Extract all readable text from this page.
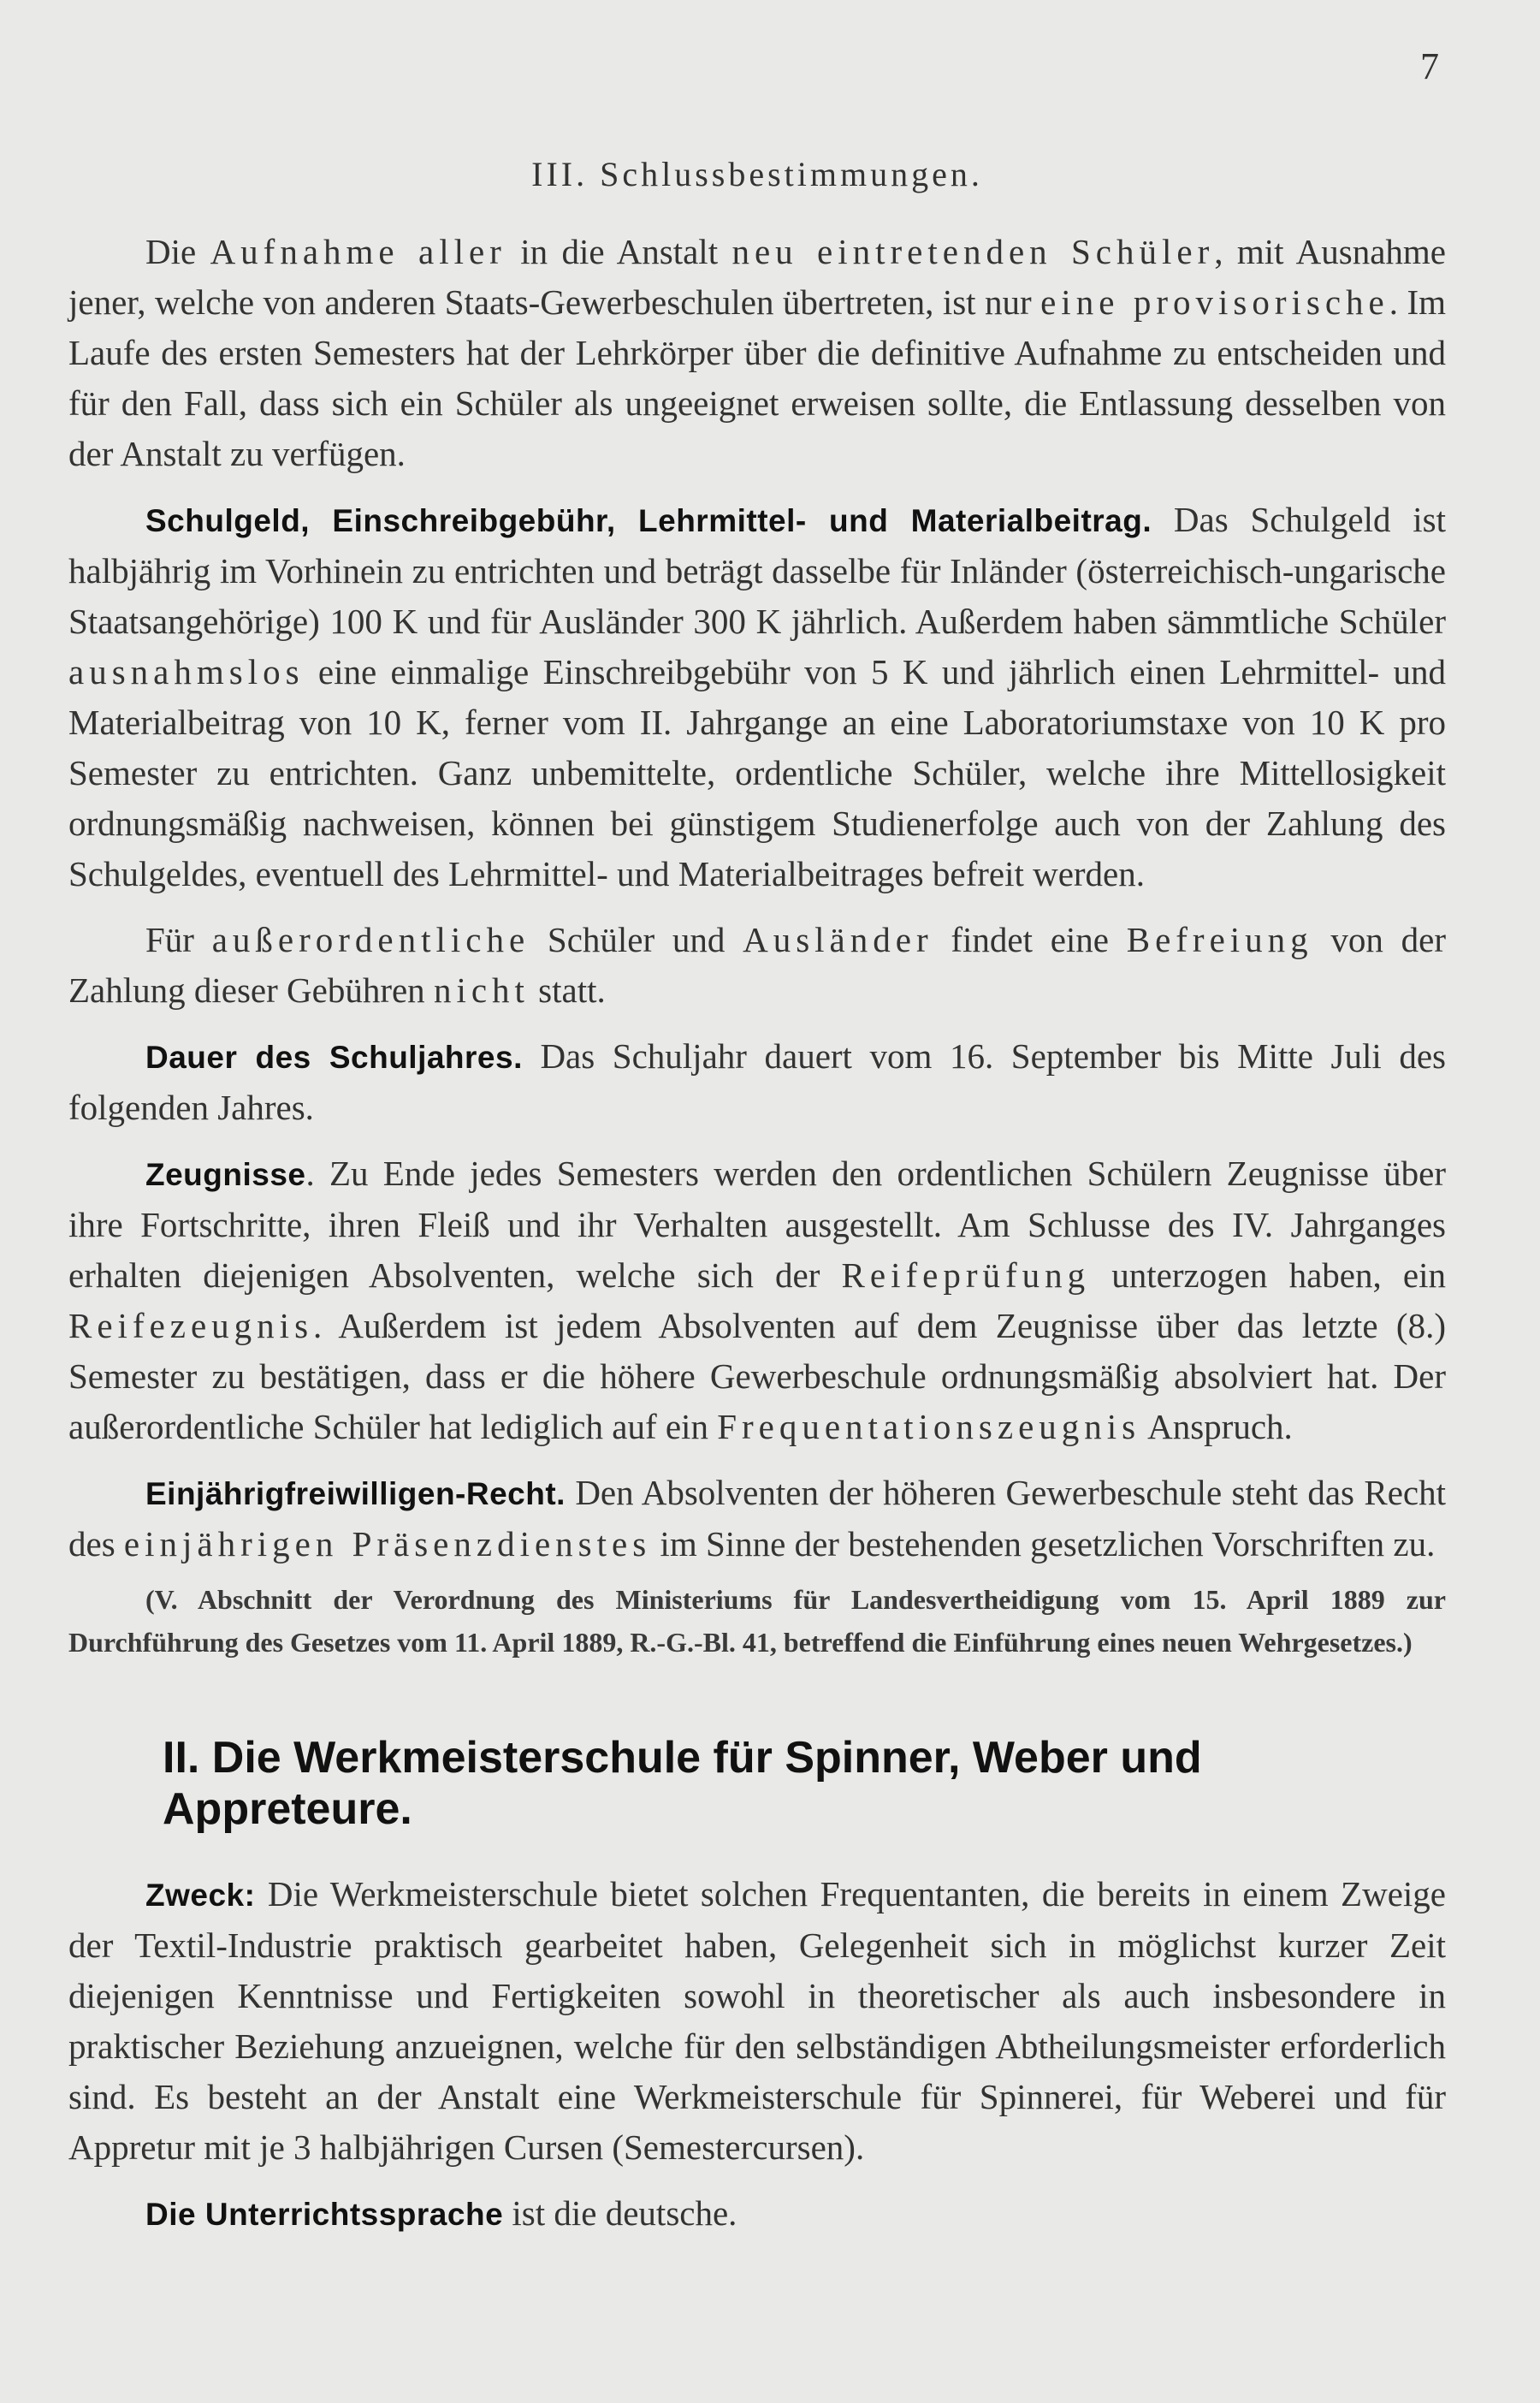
7
III. Schlussbestimmungen.

Die Aufnahme aller in die Anstalt neu eintretenden Schüler, mit Ausnahme jener, welche von anderen Staats-Gewerbeschulen übertreten, ist nur eine provisorische. Im Laufe des ersten Semesters hat der Lehrkörper über die definitive Aufnahme zu entscheiden und für den Fall, dass sich ein Schüler als ungeeignet erweisen sollte, die Entlassung desselben von der Anstalt zu verfügen.

Schulgeld, Einschreibgebühr, Lehrmittel- und Materialbeitrag. Das Schulgeld ist halbjährig im Vorhinein zu entrichten und beträgt dasselbe für Inländer (österreichisch-ungarische Staatsangehörige) 100 K und für Ausländer 300 K jährlich. Außerdem haben sämmtliche Schüler ausnahmslos eine einmalige Einschreibgebühr von 5 K und jährlich einen Lehrmittel- und Materialbeitrag von 10 K, ferner vom II. Jahrgange an eine Laboratoriumstaxe von 10 K pro Semester zu entrichten. Ganz unbemittelte, ordentliche Schüler, welche ihre Mittellosigkeit ordnungsmäßig nachweisen, können bei günstigem Studienerfolge auch von der Zahlung des Schulgeldes, eventuell des Lehrmittel- und Materialbeitrages befreit werden.

Für außerordentliche Schüler und Ausländer findet eine Befreiung von der Zahlung dieser Gebühren nicht statt.

Dauer des Schuljahres. Das Schuljahr dauert vom 16. September bis Mitte Juli des folgenden Jahres.

Zeugnisse. Zu Ende jedes Semesters werden den ordentlichen Schülern Zeugnisse über ihre Fortschritte, ihren Fleiß und ihr Verhalten ausgestellt. Am Schlusse des IV. Jahrganges erhalten diejenigen Absolventen, welche sich der Reifeprüfung unterzogen haben, ein Reifezeugnis. Außerdem ist jedem Absolventen auf dem Zeugnisse über das letzte (8.) Semester zu bestätigen, dass er die höhere Gewerbeschule ordnungsmäßig absolviert hat. Der außerordentliche Schüler hat lediglich auf ein Frequentationszeugnis Anspruch.

Einjährigfreiwilligen-Recht. Den Absolventen der höheren Gewerbeschule steht das Recht des einjährigen Präsenzdienstes im Sinne der bestehenden gesetzlichen Vorschriften zu.

(V. Abschnitt der Verordnung des Ministeriums für Landesvertheidigung vom 15. April 1889 zur Durchführung des Gesetzes vom 11. April 1889, R.-G.-Bl. 41, betreffend die Einführung eines neuen Wehrgesetzes.)

II. Die Werkmeisterschule für Spinner, Weber und Appreteure.

Zweck: Die Werkmeisterschule bietet solchen Frequentanten, die bereits in einem Zweige der Textil-Industrie praktisch gearbeitet haben, Gelegenheit sich in möglichst kurzer Zeit diejenigen Kenntnisse und Fertigkeiten sowohl in theoretischer als auch insbesondere in praktischer Beziehung anzueignen, welche für den selbständigen Abtheilungsmeister erforderlich sind. Es besteht an der Anstalt eine Werkmeisterschule für Spinnerei, für Weberei und für Appretur mit je 3 halbjährigen Cursen (Semestercursen).

Die Unterrichtssprache ist die deutsche.
